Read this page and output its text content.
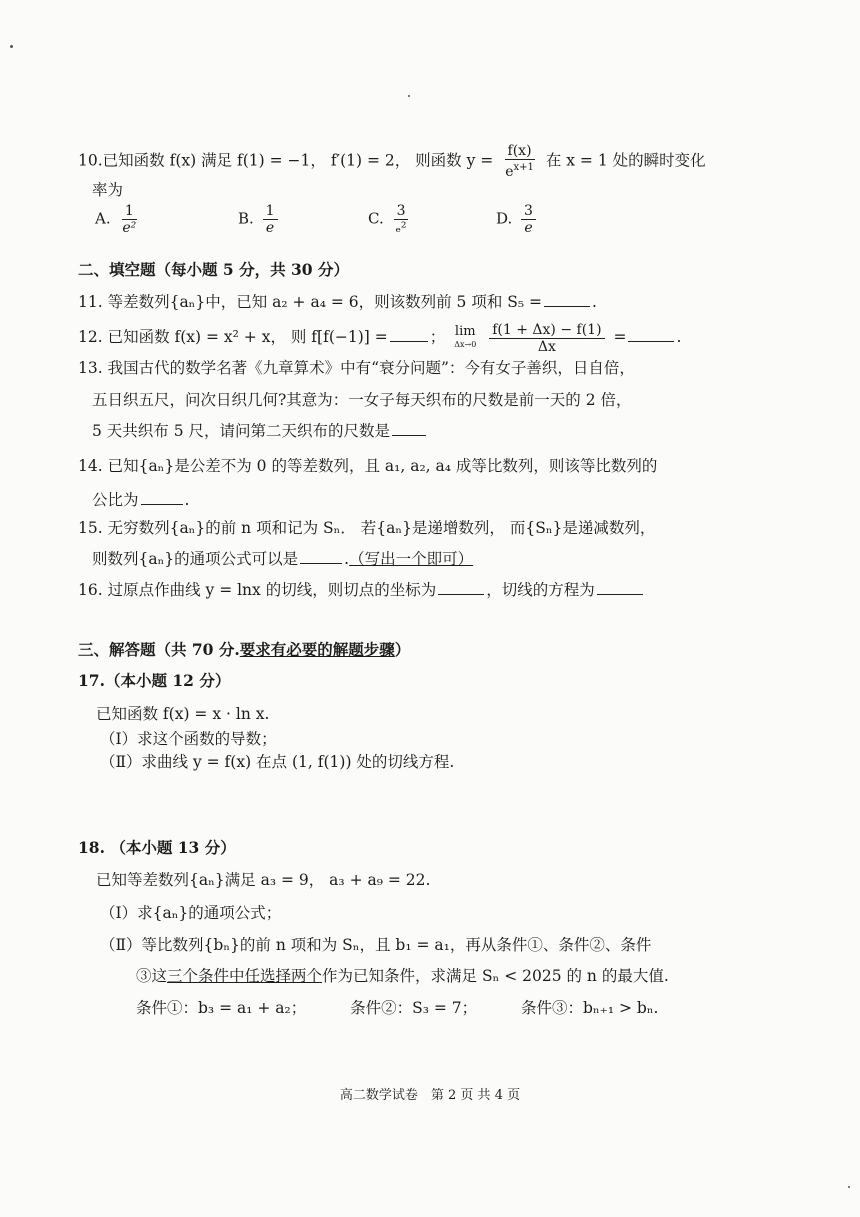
10.已知函数 f(x) 满足 f(1) = −1， f′(1) = 2， 则函数 $y = \frac{f(x)}{e^{x+1}}$ 在 x = 1 处的瞬时变化
率为
A. $\frac{1}{\text{e²}}$	B. $\frac{1}{e}$	C. $\frac{3}{\text{ₑ²}}$	D. $\frac{3}{e}$
二、填空题（每小题 5 分，共 30 分）
11. 等差数列{aₙ}中，已知 a₂ + a₄ = 6，则该数列前 5 项和 S₅ =	.
12. 已知函数 f(x) = x² + x， 则 f[f(−1)] =	； lim
Δx→0
$\frac{f(1 + \Delta x) - f(1)}{\Delta x}$ =	.
13. 我国古代的数学名著《九章算术》中有“衰分问题”：今有女子善织，日自倍，
五日织五尺，问次日织几何?其意为：一女子每天织布的尺数是前一天的 2 倍，
5 天共织布 5 尺，请问第二天织布的尺数是
14. 已知{aₙ}是公差不为 0 的等差数列，且 a₁, a₂, a₄ 成等比数列，则该等比数列的
公比为	.
15. 无穷数列{aₙ}的前 n 项和记为 Sₙ． 若{aₙ}是递增数列， 而{Sₙ}是递减数列，
则数列{aₙ}的通项公式可以是	.（写出一个即可）
16. 过原点作曲线 y = lnx 的切线，则切点的坐标为	，切线的方程为
三、解答题（共 70 分.要求有必要的解题步骤）
17.（本小题 12 分）
已知函数 f(x) = x · ln x.
（Ⅰ）求这个函数的导数；
（Ⅱ）求曲线 y = f(x) 在点 (1, f(1)) 处的切线方程.
18. （本小题 13 分）
已知等差数列{aₙ}满足 a₃ = 9， a₃ + a₉ = 22.
（Ⅰ）求{aₙ}的通项公式；
（Ⅱ）等比数列{bₙ}的前 n 项和为 Sₙ，且 b₁ = a₁，再从条件①、条件②、条件
③这三个条件中任选择两个作为已知条件，求满足 Sₙ < 2025 的 n 的最大值.
条件①：b₃ = a₁ + a₂；	条件②：S₃ = 7；	条件③：bₙ₊₁ > bₙ.
高二数学试卷　第 2 页 共 4 页
